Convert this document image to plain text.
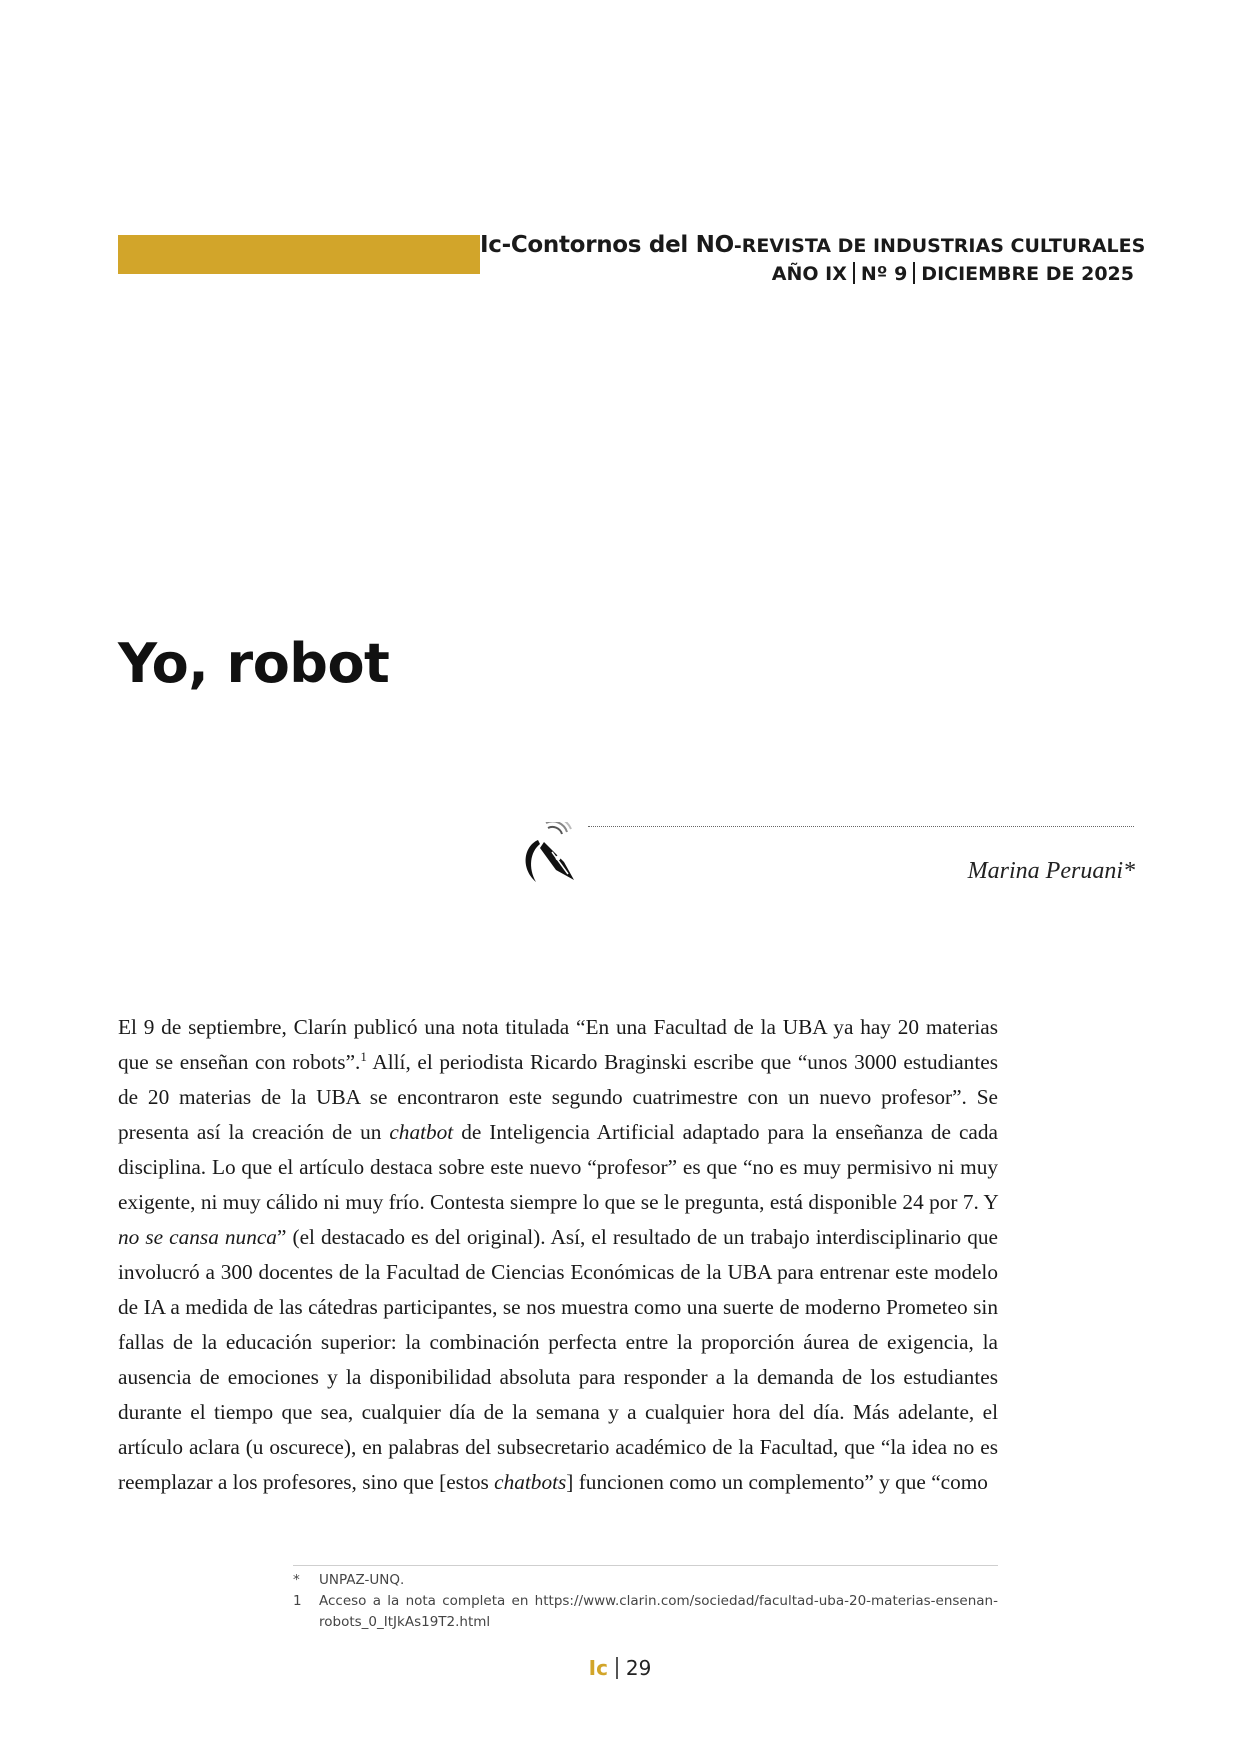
Ic-Contornos del NO-REVISTA DE INDUSTRIAS CULTURALES
AÑO IX Nº 9 DICIEMBRE DE 2025
Yo, robot
Marina Peruani*

El 9 de septiembre, Clarín publicó una nota titulada “En una Facultad de la UBA ya hay 20 materias que se enseñan con robots”.$^1$ Allí, el periodista Ricardo Braginski escribe que “unos 3000 estudiantes de 20 materias de la UBA se encontraron este segundo cuatrimestre con un nuevo profesor”. Se presenta así la creación de un chatbot de Inteligencia Artificial adaptado para la enseñanza de cada disciplina. Lo que el artículo destaca sobre este nuevo “profesor” es que “no es muy permisivo ni muy exigente, ni muy cálido ni muy frío. Contesta siempre lo que se le pregunta, está disponible 24 por 7. Y no se cansa nunca” (el destacado es del original). Así, el resultado de un trabajo interdisciplinario que involucró a 300 docentes de la Facultad de Ciencias Económicas de la UBA para entrenar este modelo de IA a medida de las cátedras participantes, se nos muestra como una suerte de moderno Prometeo sin fallas de la educación superior: la combinación perfecta entre la proporción áurea de exigencia, la ausencia de emociones y la disponibilidad absoluta para responder a la demanda de los estudiantes durante el tiempo que sea, cualquier día de la semana y a cualquier hora del día. Más adelante, el artículo aclara (u oscurece), en palabras del subsecretario académico de la Facultad, que “la idea no es reemplazar a los profesores, sino que [estos chatbots] funcionen como un complemento” y que “como

*	UNPAZ-UNQ.
1	Acceso a la nota completa en https://www.clarin.com/sociedad/facultad-uba-20-materias-ensenan-robots_0_ItJkAs19T2.html
Ic 29
